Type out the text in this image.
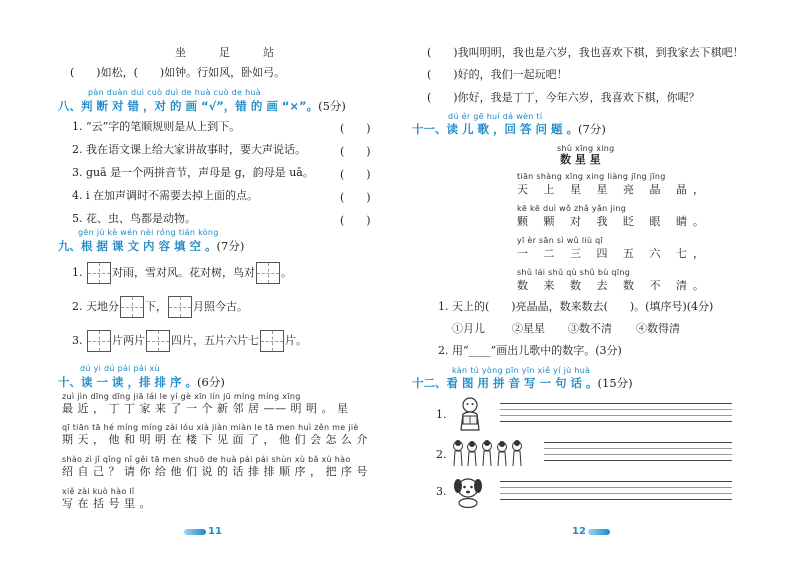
坐　　　足　　　站
(　　)如松，(　　)如钟。行如风，卧如弓。
pàn duàn duì cuò duì de huà cuò de huà
八、判 断 对 错 ，对 的 画 “√”，错 的 画 “×”。(5分)
1. “云”字的笔顺规则是从上到下。	(　　)
2. 我在语文课上给大家讲故事时，要大声说话。	(　　)
3. guā 是一个两拼音节，声母是 g，韵母是 uā。 (　　)
4. i 在加声调时不需要去掉上面的点。	(　　)
5. 花、虫、鸟都是动物。	(　　)
gēn jù kè wén nèi róng tián kòng
九、根 据 课 文 内 容 填 空 。(7分)
1.	对雨，雪对风。花对树，鸟对 。
2. 天地分 下， 月照今古。
3.	片两片 四片，五片六片七 片。
dú yi dú pái pái xù
十、读 一 读 ，排 排 序 。(6分)
zuì jìn dīng dīng jiā lái le yí gè xīn lín jū míng míng xīng
最 近 ， 丁 丁 家 来 了 一 个 新 邻 居 —— 明 明 。 星
qī tiān tā hé míng míng zài lóu xià jiàn miàn le tā men huì zěn me jiè
期 天 ， 他 和 明 明 在 楼 下 见 面 了 ， 他 们 会 怎 么 介
shào zì jǐ qǐng nǐ gěi tā men shuō de huà pái pái shùn xù bǎ xù hào
绍 自 己 ？ 请 你 给 他 们 说 的 话 排 排 顺 序 ， 把 序 号
xiě zài kuò hào lǐ
写 在 括 号 里 。
11
(　　)我叫明明，我也是六岁，我也喜欢下棋，到我家去下棋吧！
(　　)好的，我们一起玩吧！
(　　)你好，我是丁丁，今年六岁，我喜欢下棋，你呢？
dú ér gē huí dá wèn tí
十一、读 儿 歌 ，回 答 问 题 。(7分)
shǔ xīng xing
数 星 星
tiān shàng xīng xing liàng jīng jīng
天 上 星 星 亮 晶 晶，
kē kē duì wǒ zhǎ yǎn jing
颗 颗 对 我 眨 眼 睛。
yī èr sān sì wǔ liù qī
一 二 三 四 五 六 七，
shǔ lái shǔ qù shǔ bù qīng
数 来 数 去 数 不 清。
1. 天上的(　　)亮晶晶，数来数去(　　)。(填序号)(4分)
①月儿 ②星星 ③数不清 ④数得清
2. 用“____”画出儿歌中的数字。(3分)
kàn tú yòng pīn yīn xiě yí jù huà
十二、看 图 用 拼 音 写 一 句 话 。(15分)
1.
2.
3.
12
